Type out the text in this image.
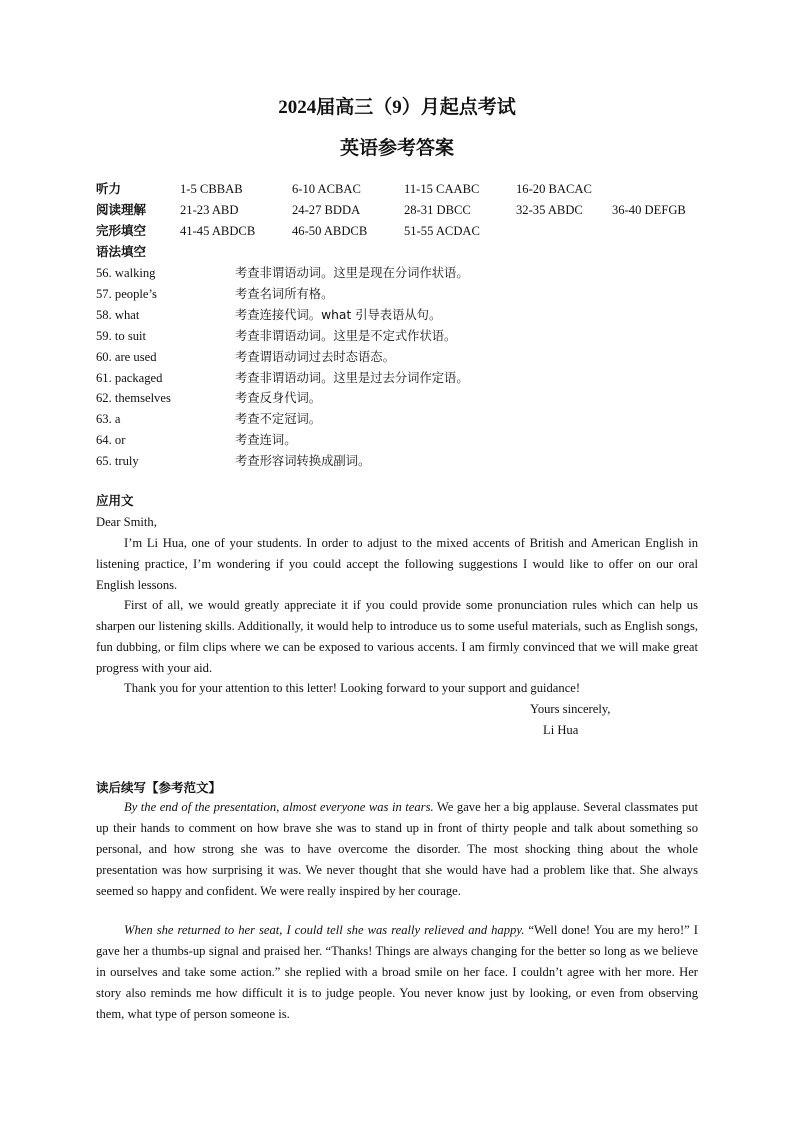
2024届高三（9）月起点考试
英语参考答案
听力	1-5 CBBAB	6-10 ACBAC	11-15 CAABC	16-20 BACAC
阅读理解	21-23 ABD	24-27 BDDA	28-31 DBCC	32-35 ABDC 36-40 DEFGB
完形填空	41-45 ABDCB	46-50 ABDCB	51-55 ACDAC
语法填空
56. walking	考查非谓语动词。这里是现在分词作状语。
57. people’s	考查名词所有格。
58. what	考查连接代词。what 引导表语从句。
59. to suit	考查非谓语动词。这里是不定式作状语。
60. are used	考查谓语动词过去时态语态。
61. packaged	考查非谓语动词。这里是过去分词作定语。
62. themselves	考查反身代词。
63. a	考查不定冠词。
64. or	考查连词。
65. truly	考查形容词转换成副词。
应用文
Dear Smith,

I’m Li Hua, one of your students. In order to adjust to the mixed accents of British and American English in listening practice, I’m wondering if you could accept the following suggestions I would like to offer on our oral English lessons.

First of all, we would greatly appreciate it if you could provide some pronunciation rules which can help us sharpen our listening skills. Additionally, it would help to introduce us to some useful materials, such as English songs, fun dubbing, or film clips where we can be exposed to various accents. I am firmly convinced that we will make great progress with your aid.

Thank you for your attention to this letter! Looking forward to your support and guidance!

Yours sincerely,
Li Hua
读后续写【参考范文】

By the end of the presentation, almost everyone was in tears. We gave her a big applause. Several classmates put up their hands to comment on how brave she was to stand up in front of thirty people and talk about something so personal, and how strong she was to have overcome the disorder. The most shocking thing about the whole presentation was how surprising it was. We never thought that she would have had a problem like that. She always seemed so happy and confident. We were really inspired by her courage.

When she returned to her seat, I could tell she was really relieved and happy. “Well done! You are my hero!” I gave her a thumbs-up signal and praised her. “Thanks! Things are always changing for the better so long as we believe in ourselves and take some action.” she replied with a broad smile on her face. I couldn’t agree with her more. Her story also reminds me how difficult it is to judge people. You never know just by looking, or even from observing them, what type of person someone is.
